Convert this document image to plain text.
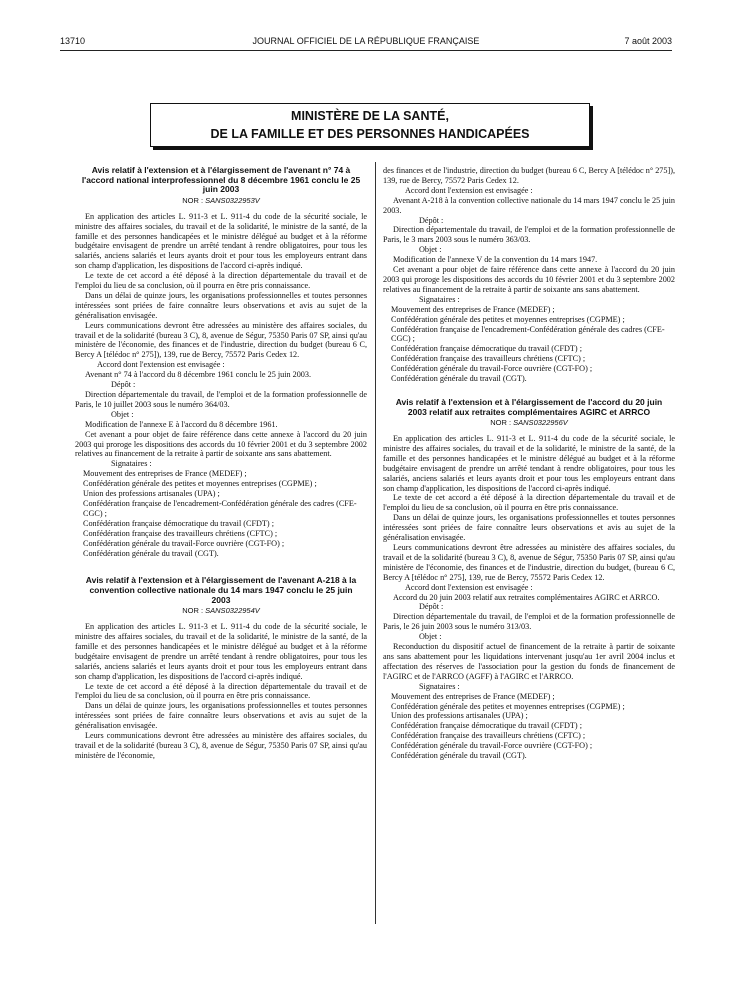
13710	JOURNAL OFFICIEL DE LA RÉPUBLIQUE FRANÇAISE	7 août 2003
MINISTÈRE DE LA SANTÉ,
DE LA FAMILLE ET DES PERSONNES HANDICAPÉES
Avis relatif à l'extension et à l'élargissement de l'avenant n° 74 à l'accord national interprofessionnel du 8 décembre 1961 conclu le 25 juin 2003
NOR : SANS0322953V

En application des articles L. 911-3 et L. 911-4 du code de la sécurité sociale, le ministre des affaires sociales, du travail et de la solidarité, le ministre de la santé, de la famille et des personnes handicapées et le ministre délégué au budget et à la réforme budgétaire envisagent de prendre un arrêté tendant à rendre obligatoires, pour tous les salariés, anciens salariés et leurs ayants droit et pour tous les employeurs entrant dans son champ d'application, les dispositions de l'accord ci-après indiqué.

Le texte de cet accord a été déposé à la direction départementale du travail et de l'emploi du lieu de sa conclusion, où il pourra en être pris connaissance.

Dans un délai de quinze jours, les organisations professionnelles et toutes personnes intéressées sont priées de faire connaître leurs observations et avis au sujet de la généralisation envisagée.

Leurs communications devront être adressées au ministère des affaires sociales, du travail et de la solidarité (bureau 3 C), 8, avenue de Ségur, 75350 Paris 07 SP, ainsi qu'au ministère de l'économie, des finances et de l'industrie, direction du budget (bureau 6 C, Bercy A [télédoc n° 275]), 139, rue de Bercy, 75572 Paris Cedex 12.

Accord dont l'extension est envisagée :

Avenant n° 74 à l'accord du 8 décembre 1961 conclu le 25 juin 2003.

Dépôt :

Direction départementale du travail, de l'emploi et de la formation professionnelle de Paris, le 10 juillet 2003 sous le numéro 364/03.

Objet :

Modification de l'annexe E à l'accord du 8 décembre 1961.

Cet avenant a pour objet de faire référence dans cette annexe à l'accord du 20 juin 2003 qui proroge les dispositions des accords du 10 février 2001 et du 3 septembre 2002 relatives au financement de la retraite à partir de soixante ans sans abattement.

Signataires :

Mouvement des entreprises de France (MEDEF) ;

Confédération générale des petites et moyennes entreprises (CGPME) ;

Union des professions artisanales (UPA) ;

Confédération française de l'encadrement-Confédération générale des cadres (CFE-CGC) ;

Confédération française démocratique du travail (CFDT) ;

Confédération française des travailleurs chrétiens (CFTC) ;

Confédération générale du travail-Force ouvrière (CGT-FO) ;

Confédération générale du travail (CGT).

Avis relatif à l'extension et à l'élargissement de l'avenant A-218 à la convention collective nationale du 14 mars 1947 conclu le 25 juin 2003
NOR : SANS0322954V

En application des articles L. 911-3 et L. 911-4 du code de la sécurité sociale, le ministre des affaires sociales, du travail et de la solidarité, le ministre de la santé, de la famille et des personnes handicapées et le ministre délégué au budget et à la réforme budgétaire envisagent de prendre un arrêté tendant à rendre obligatoires, pour tous les salariés, anciens salariés et leurs ayants droit et pour tous les employeurs entrant dans son champ d'application, les dispositions de l'accord ci-après indiqué.

Le texte de cet accord a été déposé à la direction départementale du travail et de l'emploi du lieu de sa conclusion, où il pourra en être pris connaissance.

Dans un délai de quinze jours, les organisations professionnelles et toutes personnes intéressées sont priées de faire connaître leurs observations et avis au sujet de la généralisation envisagée.

Leurs communications devront être adressées au ministère des affaires sociales, du travail et de la solidarité (bureau 3 C), 8, avenue de Ségur, 75350 Paris 07 SP, ainsi qu'au ministère de l'économie,

des finances et de l'industrie, direction du budget (bureau 6 C, Bercy A [télédoc n° 275]), 139, rue de Bercy, 75572 Paris Cedex 12.

Accord dont l'extension est envisagée :

Avenant A-218 à la convention collective nationale du 14 mars 1947 conclu le 25 juin 2003.

Dépôt :

Direction départementale du travail, de l'emploi et de la formation professionnelle de Paris, le 3 mars 2003 sous le numéro 363/03.

Objet :

Modification de l'annexe V de la convention du 14 mars 1947.

Cet avenant a pour objet de faire référence dans cette annexe à l'accord du 20 juin 2003 qui proroge les dispositions des accords du 10 février 2001 et du 3 septembre 2002 relatives au financement de la retraite à partir de soixante ans sans abattement.

Signataires :

Mouvement des entreprises de France (MEDEF) ;

Confédération générale des petites et moyennes entreprises (CGPME) ;

Confédération française de l'encadrement-Confédération générale des cadres (CFE-CGC) ;

Confédération française démocratique du travail (CFDT) ;

Confédération française des travailleurs chrétiens (CFTC) ;

Confédération générale du travail-Force ouvrière (CGT-FO) ;

Confédération générale du travail (CGT).

Avis relatif à l'extension et à l'élargissement de l'accord du 20 juin 2003 relatif aux retraites complémentaires AGIRC et ARRCO
NOR : SANS0322956V

En application des articles L. 911-3 et L. 911-4 du code de la sécurité sociale, le ministre des affaires sociales, du travail et de la solidarité, le ministre de la santé, de la famille et des personnes handicapées et le ministre délégué au budget et à la réforme budgétaire envisagent de prendre un arrêté tendant à rendre obligatoires, pour tous les salariés, anciens salariés et leurs ayants droit et pour tous les employeurs entrant dans son champ d'application, les dispositions de l'accord ci-après indiqué.

Le texte de cet accord a été déposé à la direction départementale du travail et de l'emploi du lieu de sa conclusion, où il pourra en être pris connaissance.

Dans un délai de quinze jours, les organisations professionnelles et toutes personnes intéressées sont priées de faire connaître leurs observations et avis au sujet de la généralisation envisagée.

Leurs communications devront être adressées au ministère des affaires sociales, du travail et de la solidarité (bureau 3 C), 8, avenue de Ségur, 75350 Paris 07 SP, ainsi qu'au ministère de l'économie, des finances et de l'industrie, direction du budget, (bureau 6 C, Bercy A [télédoc n° 275], 139, rue de Bercy, 75572 Paris Cedex 12.

Accord dont l'extension est envisagée :

Accord du 20 juin 2003 relatif aux retraites complémentaires AGIRC et ARRCO.

Dépôt :

Direction départementale du travail, de l'emploi et de la formation professionnelle de Paris, le 26 juin 2003 sous le numéro 313/03.

Objet :

Reconduction du dispositif actuel de financement de la retraite à partir de soixante ans sans abattement pour les liquidations intervenant jusqu'au 1er avril 2004 inclus et affectation des réserves de l'association pour la gestion du fonds de financement de l'AGIRC et de l'ARRCO (AGFF) à l'AGIRC et l'ARRCO.

Signataires :

Mouvement des entreprises de France (MEDEF) ;

Confédération générale des petites et moyennes entreprises (CGPME) ;

Union des professions artisanales (UPA) ;

Confédération française démocratique du travail (CFDT) ;

Confédération française des travailleurs chrétiens (CFTC) ;

Confédération générale du travail-Force ouvrière (CGT-FO) ;

Confédération générale du travail (CGT).
